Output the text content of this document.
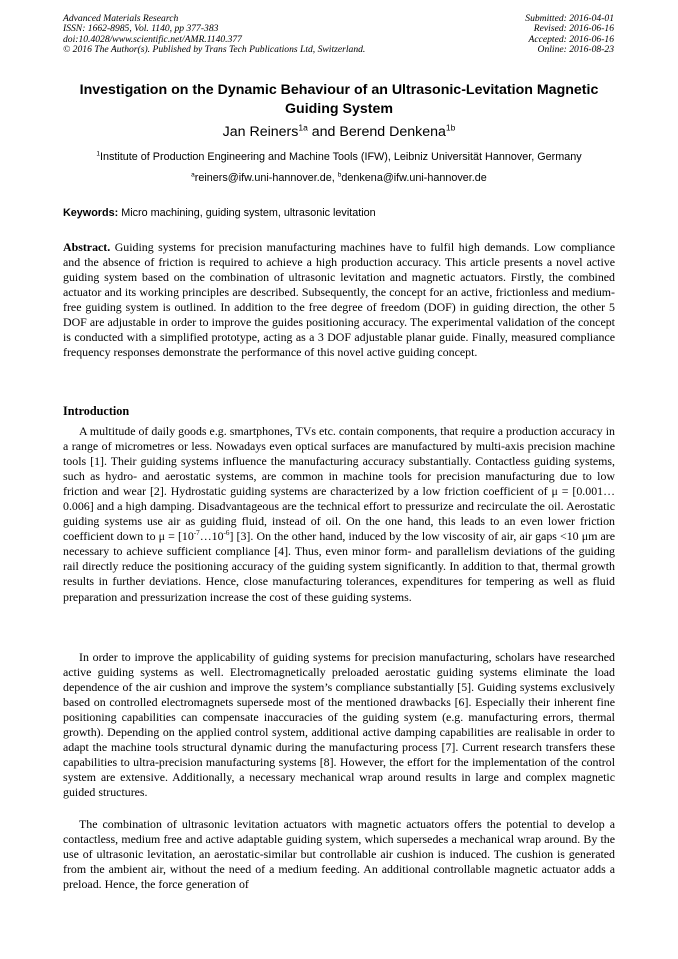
Advanced Materials Research
ISSN: 1662-8985, Vol. 1140, pp 377-383
doi:10.4028/www.scientific.net/AMR.1140.377
© 2016 The Author(s). Published by Trans Tech Publications Ltd, Switzerland.
Submitted: 2016-04-01
Revised: 2016-06-16
Accepted: 2016-06-16
Online: 2016-08-23
Investigation on the Dynamic Behaviour of an Ultrasonic-Levitation Magnetic Guiding System
Jan Reiners$^{1a}$ and Berend Denkena$^{1b}$
$^1$Institute of Production Engineering and Machine Tools (IFW), Leibniz Universität Hannover, Germany
$^a$reiners@ifw.uni-hannover.de, $^b$denkena@ifw.uni-hannover.de
Keywords: Micro machining, guiding system, ultrasonic levitation
Abstract. Guiding systems for precision manufacturing machines have to fulfil high demands. Low compliance and the absence of friction is required to achieve a high production accuracy. This article presents a novel active guiding system based on the combination of ultrasonic levitation and magnetic actuators. Firstly, the combined actuator and its working principles are described. Subsequently, the concept for an active, frictionless and medium-free guiding system is outlined. In addition to the free degree of freedom (DOF) in guiding direction, the other 5 DOF are adjustable in order to improve the guides positioning accuracy. The experimental validation of the concept is conducted with a simplified prototype, acting as a 3 DOF adjustable planar guide. Finally, measured compliance frequency responses demonstrate the performance of this novel active guiding concept.
Introduction
A multitude of daily goods e.g. smartphones, TVs etc. contain components, that require a production accuracy in a range of micrometres or less. Nowadays even optical surfaces are manufactured by multi-axis precision machine tools [1]. Their guiding systems influence the manufacturing accuracy substantially. Contactless guiding systems, such as hydro- and aerostatic systems, are common in machine tools for precision manufacturing due to low friction and wear [2]. Hydrostatic guiding systems are characterized by a low friction coefficient of μ = [0.001…0.006] and a high damping. Disadvantageous are the technical effort to pressurize and recirculate the oil. Aerostatic guiding systems use air as guiding fluid, instead of oil. On the one hand, this leads to an even lower friction coefficient down to $\mu = [10^{-7}\dots 10^{-6}]$ [3]. On the other hand, induced by the low viscosity of air, air gaps <10 μm are necessary to achieve sufficient compliance [4]. Thus, even minor form- and parallelism deviations of the guiding rail directly reduce the positioning accuracy of the guiding system significantly. In addition to that, thermal growth results in further deviations. Hence, close manufacturing tolerances, expenditures for tempering as well as fluid preparation and pressurization increase the cost of these guiding systems.
In order to improve the applicability of guiding systems for precision manufacturing, scholars have researched active guiding systems as well. Electromagnetically preloaded aerostatic guiding systems eliminate the load dependence of the air cushion and improve the system’s compliance substantially [5]. Guiding systems exclusively based on controlled electromagnets supersede most of the mentioned drawbacks [6]. Especially their inherent fine positioning capabilities can compensate inaccuracies of the guiding system (e.g. manufacturing errors, thermal growth). Depending on the applied control system, additional active damping capabilities are realisable in order to adapt the machine tools structural dynamic during the manufacturing process [7]. Current research transfers these capabilities to ultra-precision manufacturing systems [8]. However, the effort for the implementation of the control system are extensive. Additionally, a necessary mechanical wrap around results in large and complex magnetic guided structures.
The combination of ultrasonic levitation actuators with magnetic actuators offers the potential to develop a contactless, medium free and active adaptable guiding system, which supersedes a mechanical wrap around. By the use of ultrasonic levitation, an aerostatic-similar but controllable air cushion is induced. The cushion is generated from the ambient air, without the need of a medium feeding. An additional controllable magnetic actuator adds a preload. Hence, the force generation of
